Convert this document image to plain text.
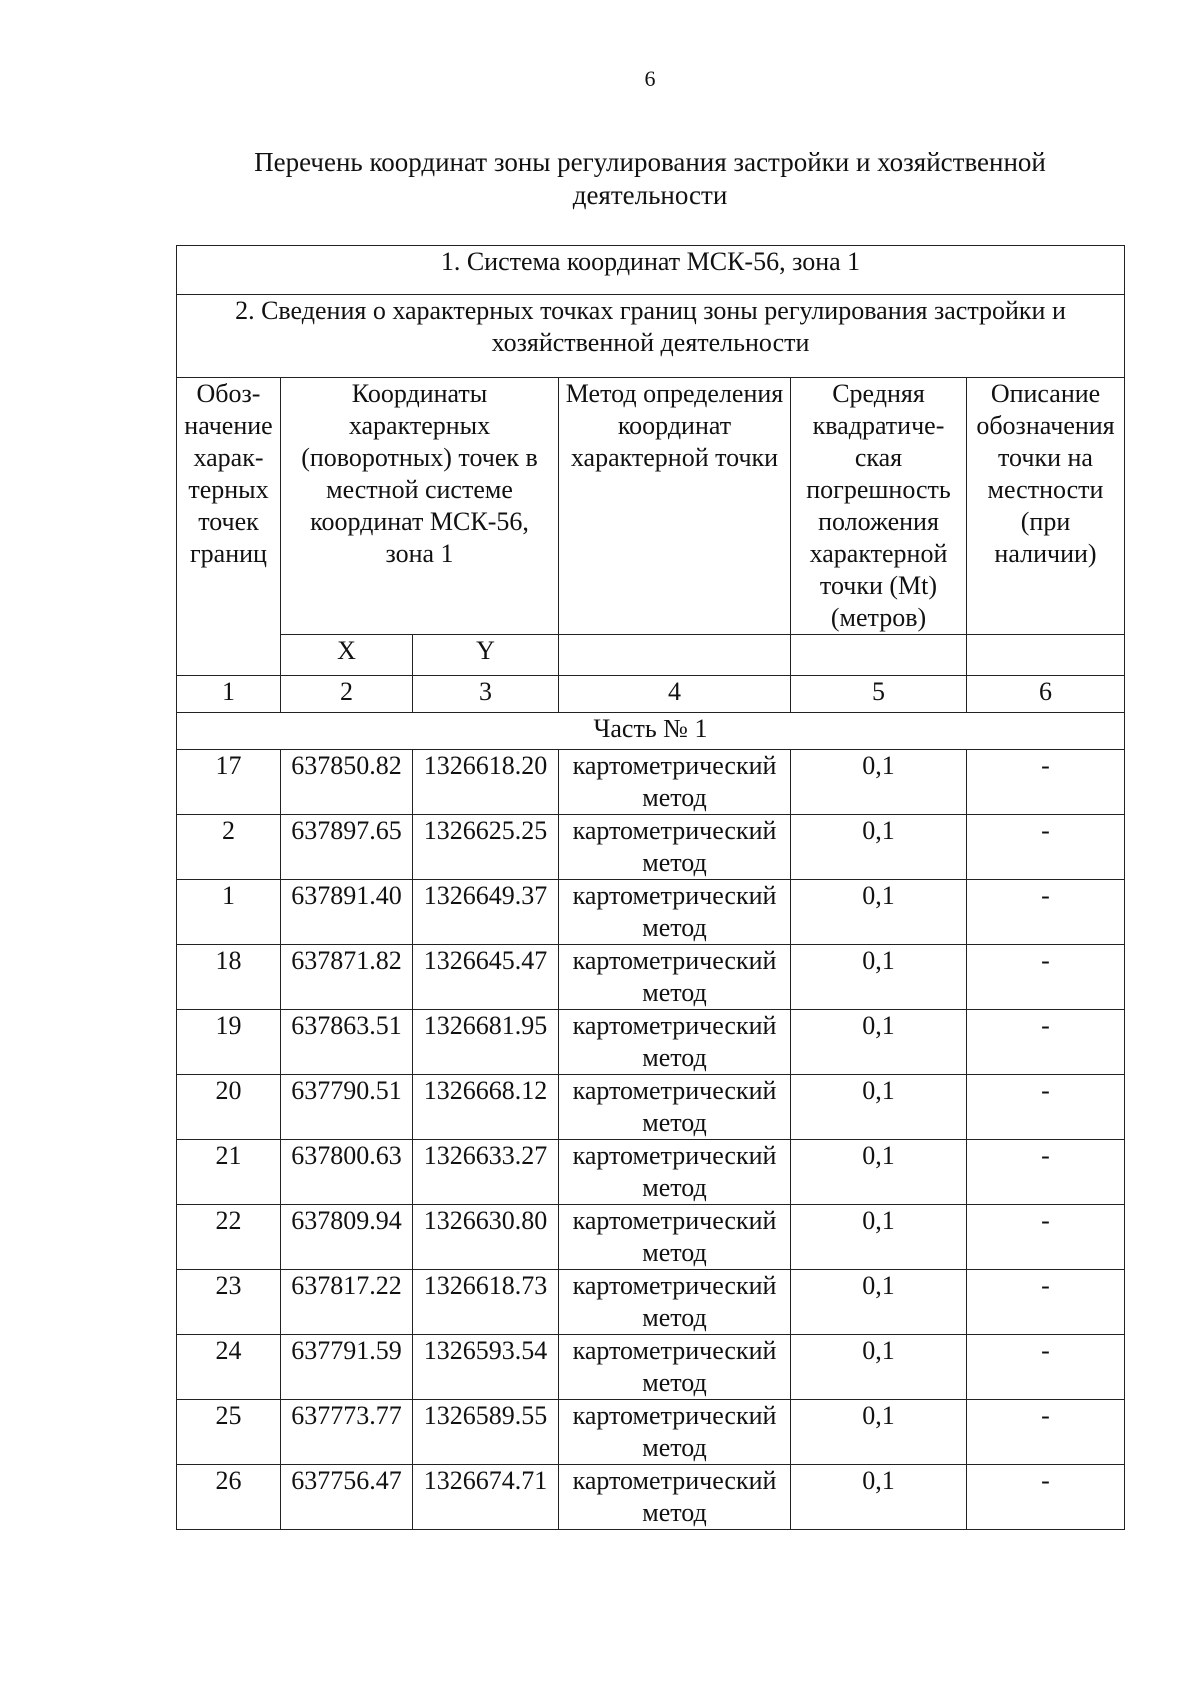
6
Перечень координат зоны регулирования застройки и хозяйственной деятельности
1. Система координат МСК-56, зона 1					
2. Сведения о характерных точках границ зоны регулирования застройки и хозяйственной деятельности					
Обоз-начение харак-терных точек границ	Координаты характерных (поворотных) точек в местной системе координат МСК-56, зона 1		Метод определения координат характерной точки	Средняя квадратиче-ская погрешность положения характерной точки (Mt) (метров)	Описание обозначения точки на местности (при наличии)
	X	Y			
1	2	3	4	5	6
Часть № 1					
17	637850.82	1326618.20	картометрический метод	0,1	-
2	637897.65	1326625.25	картометрический метод	0,1	-
1	637891.40	1326649.37	картометрический метод	0,1	-
18	637871.82	1326645.47	картометрический метод	0,1	-
19	637863.51	1326681.95	картометрический метод	0,1	-
20	637790.51	1326668.12	картометрический метод	0,1	-
21	637800.63	1326633.27	картометрический метод	0,1	-
22	637809.94	1326630.80	картометрический метод	0,1	-
23	637817.22	1326618.73	картометрический метод	0,1	-
24	637791.59	1326593.54	картометрический метод	0,1	-
25	637773.77	1326589.55	картометрический метод	0,1	-
26	637756.47	1326674.71	картометрический метод	0,1	-
